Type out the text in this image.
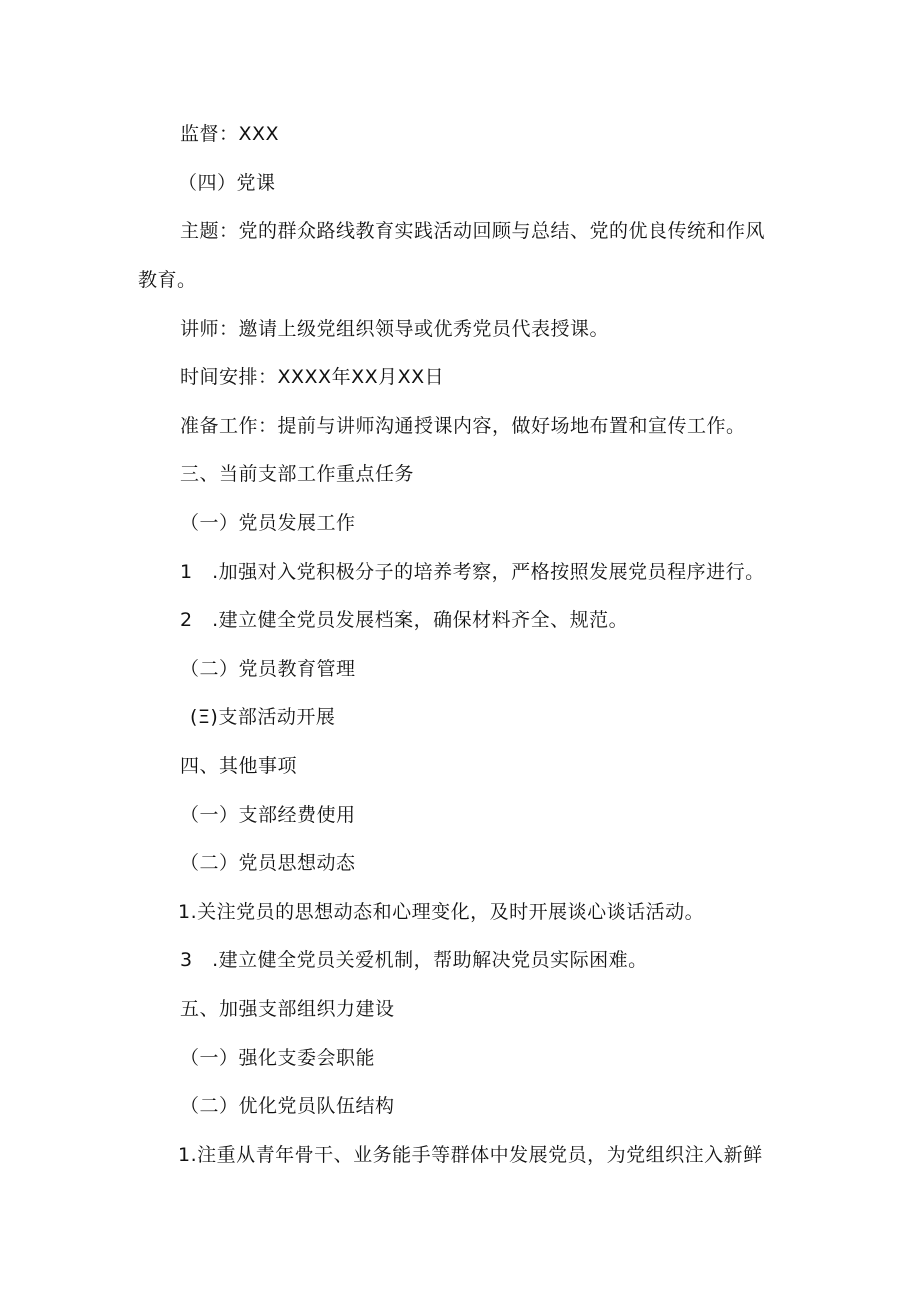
监督：XXX
（四）党课
主题：党的群众路线教育实践活动回顾与总结、党的优良传统和作风
教育。
讲师：邀请上级党组织领导或优秀党员代表授课。
时间安排：XXXX年XX月XX日
准备工作：提前与讲师沟通授课内容，做好场地布置和宣传工作。
三、当前支部工作重点任务
（一）党员发展工作
1　.加强对入党积极分子的培养考察，严格按照发展党员程序进行。
2　.建立健全党员发展档案，确保材料齐全、规范。
（二）党员教育管理
(Ξ)支部活动开展
四、其他事项
（一）支部经费使用
（二）党员思想动态
1.关注党员的思想动态和心理变化，及时开展谈心谈话活动。
3　.建立健全党员关爱机制，帮助解决党员实际困难。
五、加强支部组织力建设
（一）强化支委会职能
（二）优化党员队伍结构
1.注重从青年骨干、业务能手等群体中发展党员，为党组织注入新鲜
